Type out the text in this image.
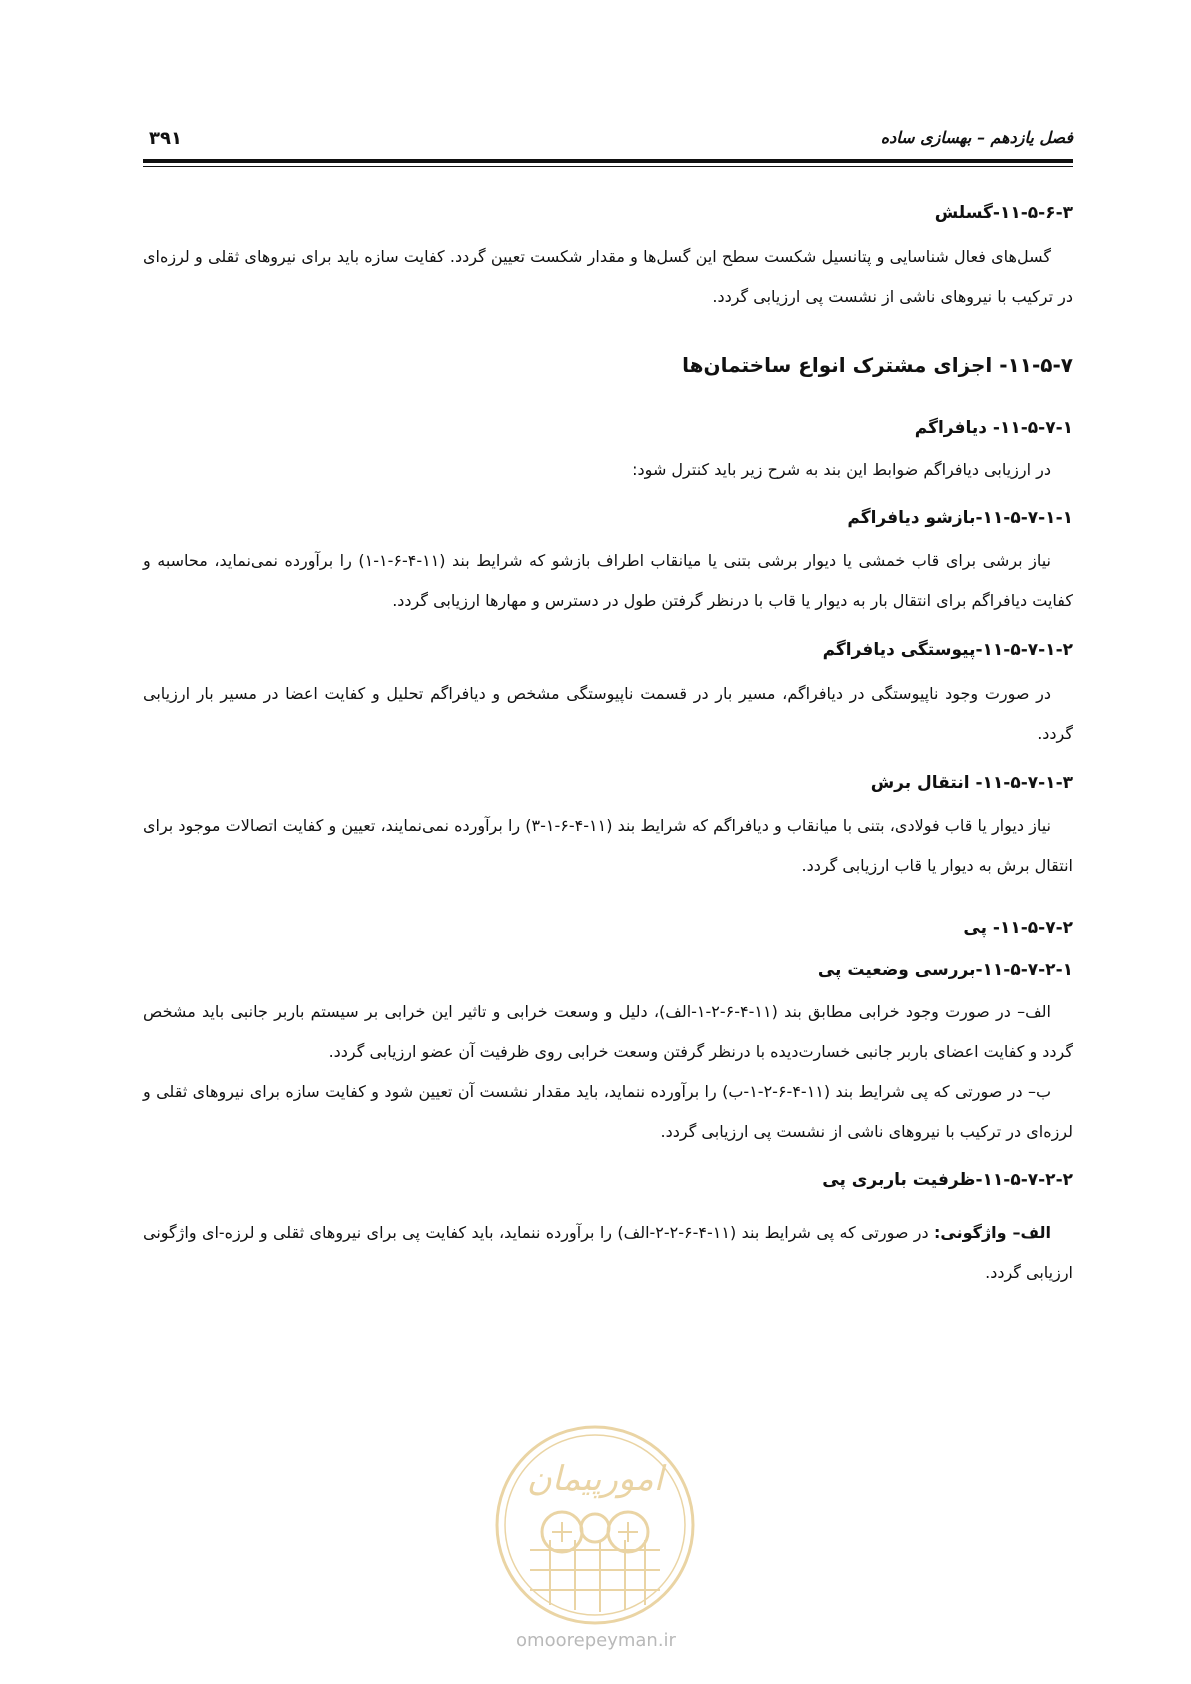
فصل یازدهم – بهسازی ساده
۳۹۱
۱۱-۵-۶-۳-گسلش
گسل‌های فعال شناسایی و پتانسیل شکست سطح این گسل‌ها و مقدار شکست تعیین گردد. کفایت سازه باید برای نیروهای ثقلی و لرزه‌ای در ترکیب با نیروهای ناشی از نشست پی ارزیابی گردد.
۱۱-۵-۷- اجزای مشترک انواع ساختمان‌ها
۱۱-۵-۷-۱- دیافراگم
در ارزیابی دیافراگم ضوابط این بند به شرح زیر باید کنترل شود:
۱۱-۵-۷-۱-۱-بازشو دیافراگم
نیاز برشی برای قاب خمشی یا دیوار برشی بتنی یا میانقاب اطراف بازشو که شرایط بند (۱۱-۴-۶-۱-۱) را برآورده نمی‌نماید، محاسبه و کفایت دیافراگم برای انتقال بار به دیوار یا قاب با درنظر گرفتن طول در دسترس و مهارها ارزیابی گردد.
۱۱-۵-۷-۱-۲-پیوستگی دیافراگم
در صورت وجود ناپیوستگی در دیافراگم، مسیر بار در قسمت ناپیوستگی مشخص و دیافراگم تحلیل و کفایت اعضا در مسیر بار ارزیابی گردد.
۱۱-۵-۷-۱-۳- انتقال برش
نیاز دیوار یا قاب فولادی، بتنی با میانقاب و دیافراگم که شرایط بند (۱۱-۴-۶-۱-۳) را برآورده نمی‌نمایند، تعیین و کفایت اتصالات موجود برای انتقال برش به دیوار یا قاب ارزیابی گردد.
۱۱-۵-۷-۲- پی
۱۱-۵-۷-۲-۱-بررسی وضعیت پی
الف– در صورت وجود خرابی مطابق بند (۱۱-۴-۶-۲-۱-الف)، دلیل و وسعت خرابی و تاثیر این خرابی بر سیستم باربر جانبی باید مشخص گردد و کفایت اعضای باربر جانبی خسارت‌دیده با درنظر گرفتن وسعت خرابی روی ظرفیت آن عضو ارزیابی گردد.
ب– در صورتی که پی شرایط بند (۱۱-۴-۶-۲-۱-ب) را برآورده ننماید، باید مقدار نشست آن تعیین شود و کفایت سازه برای نیروهای ثقلی و لرزه‌ای در ترکیب با نیروهای ناشی از نشست پی ارزیابی گردد.
۱۱-۵-۷-۲-۲-ظرفیت باربری پی
الف– واژگونی: در صورتی که پی شرایط بند (۱۱-۴-۶-۲-۲-الف) را برآورده ننماید، باید کفایت پی برای نیروهای ثقلی و لرزه-ای واژگونی ارزیابی گردد.
امورپیمان
omoorepeyman.ir
